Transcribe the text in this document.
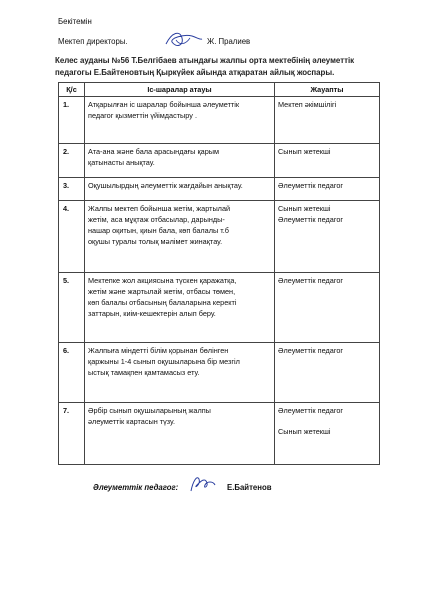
Бекітемін
Мектеп директоры.	Ж. Пралиев
Келес ауданы №56 Т.Белгібаев атындағы жалпы орта мектебінің әлеуметтік
педагогы Е.Байтеновтың Қыркүйек айында атқаратан айлық жоспары.
Қ/с	Іс-шаралар атауы	Жауапты
1.	Атқарылған іс шаралар бойынша әлеуметтік
педагог қызметтін үйімдастыру .	Мектеп әкімшілігі

2.	Ата-ана және бала арасындағы қарым
қатынасты анықтау.	Сынып жетекші

3.	Оқушылырдың әлеуметтік жағдайын анықтау.	Әлеуметтік педагог

4.	Жалпы мектеп бойынша жетім, жартылай
жетім, аса мұқтаж отбасылар, дарынды-
нашар оқитын, қиын бала, көп балалы т.б
оқушы туралы толық мәлімет жинақтау.	Сынып жетекші
Әлеуметтік педагог

5.	Мектепке жол акциясына түскен қаражатқа,
жетім және жартылай жетім, отбасы төмен,
көп балалы отбасының балаларына керекті
заттарын, киім-кешектерін алып беру.	Әлеуметтік педагог

6.	Жалпыға міндетті білім қорынан бөлінген
қаржыны 1-4 сынып оқушыларына бір мезгіл
ыстық тамақпен қамтамасыз ету.	Әлеуметтік педагог

7.	Әрбір сынып оқушыларының жалпы
әлеуметтік картасын түзу.	Әлеуметтік педагог
Сынып жетекші
Әлеуметтік педагог:	Е.Байтенов
